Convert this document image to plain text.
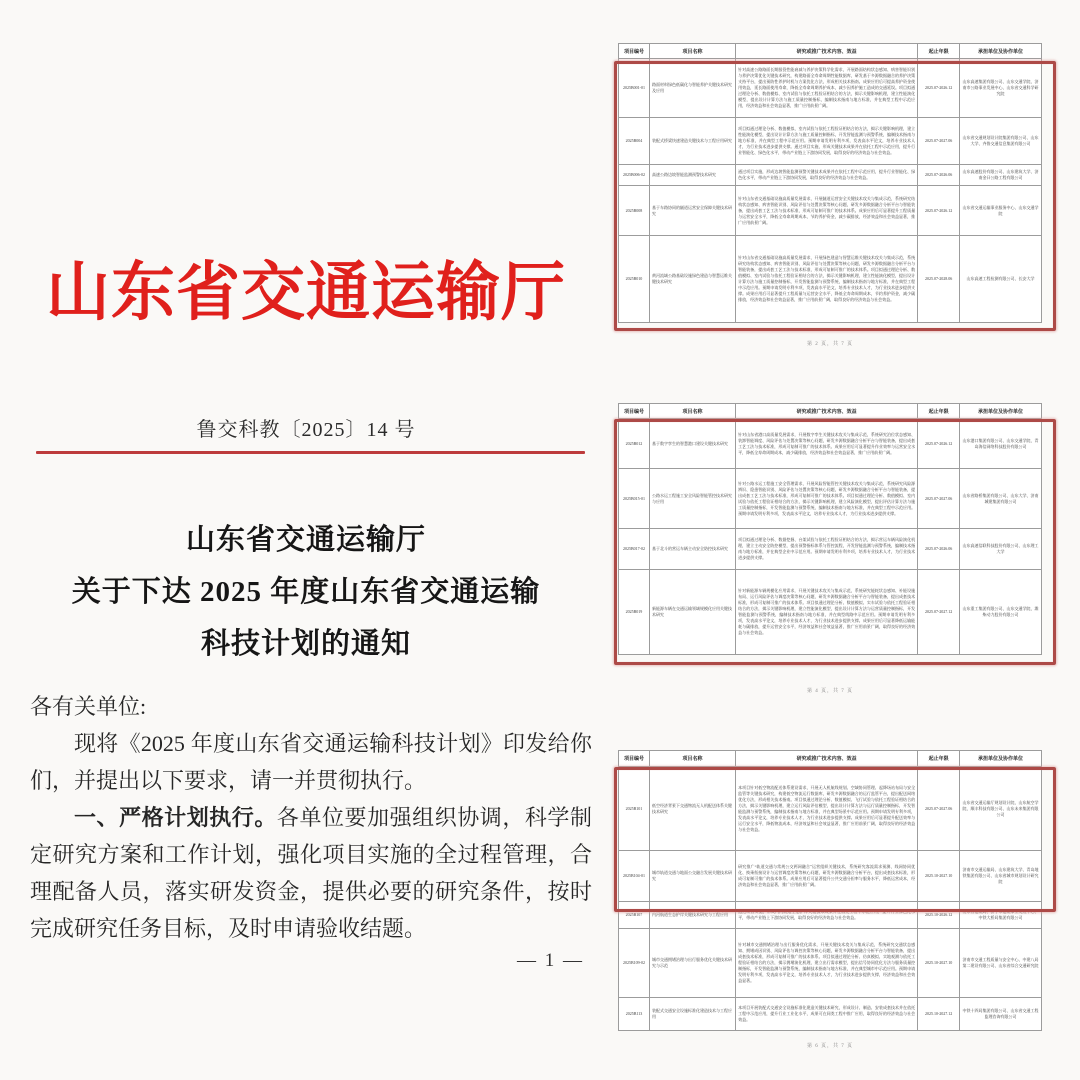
山东省交通运输厅
鲁交科教〔2025〕14 号
山东省交通运输厅
关于下达 2025 年度山东省交通运输
科技计划的通知

各有关单位:

现将《2025 年度山东省交通运输科技计划》印发给你们，并提出以下要求，请一并贯彻执行。

一、严格计划执行。各单位要加强组织协调，科学制定研究方案和工作计划，强化项目实施的全过程管理，合理配备人员，落实研发资金，提供必要的研究条件，按时完成研究任务目标，及时申请验收结题。

— 1 —
项目编号	项目名称	研究或推广技术内容、效益	起止年限	承担单位及协作单位

2025B001-01	路面材料绿色低碳化与智能养护关键技术研究及应用	针对高速公路路面长期服役性能衰减与养护决策科学化需求，开展路面结构状态感知、病害智能识别与养护决策优化关键技术研究，构建路面全寿命周期性能数据库，研发基于多源数据融合的养护决策支持平台，提出预防性养护时机与方案优化方法，形成相关技术指南。成果应用后可提高养护资金使用效益，延长路面使用寿命，降低全寿命周期养护成本，减少因养护施工造成的交通延误。项目拟通过理论分析、数值模拟、室内试验与依托工程验证相结合的方法，揭示关键影响机理，建立性能演化模型，提出设计计算方法与施工质量控制指标，编制技术指南与地方标准，并在典型工程中示范应用，经济效益和社会效益显著，推广应用前景广阔。	2025.07-2026.12	山东高速集团有限公司、山东交通学院、济南市公路事业发展中心、山东省交通科学研究院

2025B004	装配式桥梁快速建造关键技术与工程应用研究	项目拟通过理论分析、数值模拟、室内试验与依托工程验证相结合的方法，揭示关键影响机理，建立性能演化模型，提出设计计算方法与施工质量控制指标，开发智能监测与预警系统，编制技术指南与地方标准，并在典型工程中示范应用。预期申请发明专利多项，发表高水平论文，培养专业技术人才，为行业技术进步提供支撑。通过项目实施，形成关键技术成果并在依托工程中示范应用，提升行业智能化、绿色化水平，带动产业链上下游协同发展，取得良好的经济效益与社会效益。	2025.07-2027.06	山东省交通规划设计院集团有限公司、山东大学、齐鲁交通信息集团有限公司

2025B006-02	高速公路边坡智能监测预警技术研究	通过项目实施，形成边坡智能监测预警关键技术成果并在依托工程中示范应用，提升行业智能化、绿色化水平，带动产业链上下游协同发展，取得良好的经济效益与社会效益。	2025.07-2026.06	山东高速股份有限公司、山东建筑大学、济南金曰公路工程有限公司

2025B008	基于车路协同的隧道运营安全保障关键技术研究	针对山东省交通基础设施高质量发展需求，开展隧道运营安全关键技术攻关与集成示范，系统研究结构状态感知、病害智能识别、风险评估与处置决策等核心问题，研发多源数据融合分析平台与智能装备，提出成套工艺工法与技术标准，形成可复制可推广的技术体系。成果应用后可显著提升工程质量与运营安全水平，降低全寿命周期成本，节约养护资金，减少碳排放，经济效益和社会效益显著，推广应用前景广阔。	2025.07-2026.12	山东省交通运输事业服务中心、山东交通学院

2025B010	黄河流域公路基础设施绿色建造与智慧运维关键技术研究	针对山东省交通基础设施高质量发展需求，开展绿色建造与智慧运维关键技术攻关与集成示范，系统研究结构状态感知、病害智能识别、风险评估与处置决策等核心问题，研发多源数据融合分析平台与智能装备，提出成套工艺工法与技术标准，形成可复制可推广的技术体系。项目拟通过理论分析、数值模拟、室内试验与依托工程验证相结合的方法，揭示关键影响机理，建立性能演化模型，提出设计计算方法与施工质量控制指标，开发智能监测与预警系统，编制技术指南与地方标准，并在典型工程中示范应用。预期申请发明专利多项，发表高水平论文，培养专业技术人才，为行业技术进步提供支撑。成果应用后可显著提升工程质量与运营安全水平，降低全寿命周期成本，节约养护资金，减少碳排放，经济效益和社会效益显著，推广应用前景广阔，取得良好的经济效益与社会效益。	2025.07-2028.06	山东高速工程检测有限公司、长安大学
第 2 页，共 7 页
项目编号	项目名称	研究或推广技术内容、效益	起止年限	承担单位及协作单位

2025B012	基于数字孪生的智慧港口建设关键技术研究	针对山东省港口高质量发展需求，开展数字孪生关键技术攻关与集成示范，系统研究泊位状态感知、装卸智能调度、风险评估与处置决策等核心问题，研发多源数据融合分析平台与智能装备，提出成套工艺工法与技术标准，形成可复制可推广的技术体系。成果应用后可显著提升作业效率与运营安全水平，降低全寿命周期成本，减少碳排放，经济效益和社会效益显著，推广应用前景广阔。	2025.07-2026.12	山东港口集团有限公司、山东交通学院、青岛海信网络科技股份有限公司

2025B015-01	公路水运工程施工安全风险智能管控技术研究与应用	针对公路水运工程施工安全管理需求，开展风险智能管控关键技术攻关与集成示范，系统研究风险源辨识、隐患智能识别、风险评估与处置决策等核心问题，研发多源数据融合分析平台与智能装备，提出成套工艺工法与技术标准，形成可复制可推广的技术体系。项目拟通过理论分析、数值模拟、室内试验与依托工程验证相结合的方法，揭示关键影响机理，建立风险演化模型，提出评估计算方法与施工质量控制指标，开发智能监测与预警系统，编制技术指南与地方标准，并在典型工程中示范应用。预期申请发明专利多项，发表高水平论文，培养专业技术人才，为行业技术进步提供支撑。	2025.07-2027.06	山东省路桥集团有限公司、山东大学、济南城建集团有限公司

2025B017-02	基于北斗的营运车辆主动安全防控技术研究	项目拟通过理论分析、数据挖掘、台架试验与依托工程验证相结合的方法，揭示营运车辆风险演化机理，建立主动安全防控模型，提出预警指标体系与管控流程，开发智能监测与预警系统，编制技术指南与地方标准，并在典型企业中示范应用。预期申请发明专利多项，培养专业技术人才，为行业技术进步提供支撑。	2025.07-2026.06	山东高速信联科技股份有限公司、山东理工大学

2025B019	新能源车辆在交通运输领域规模化应用关键技术研究	针对新能源车辆规模化应用需求，开展关键技术攻关与集成示范，系统研究能耗状态感知、补能设施布局、运行风险评估与调度决策等核心问题，研发多源数据融合分析平台与智能装备，提出成套技术标准，形成可复制可推广的技术体系。项目拟通过理论分析、数值模拟、实车试验与依托工程验证相结合的方法，揭示关键影响机理，建立性能演化模型，提出设计计算方法与运营质量控制指标，开发智能监测与预警系统，编制技术指南与地方标准，并在典型线路中示范应用。预期申请发明专利多项，发表高水平论文，培养专业技术人才，为行业技术进步提供支撑。成果应用后可显著降低运输能耗与碳排放，提升运营安全水平，经济效益和社会效益显著，推广应用前景广阔，取得良好的经济效益与社会效益。	2025.07-2027.12	山东重工集团有限公司、山东交通学院、潍柴动力股份有限公司
第 4 页，共 7 页
项目编号	项目名称	研究或推广技术内容、效益	起止年限	承担单位及协作单位

2025B101	低空经济背景下交通物流无人机配送体系关键技术研究	本项目针对低空物流配送体系建设需求，开展无人机航线规划、空域协同管理、起降场站布局与安全监管等关键技术研究，构建低空物流运行数据库，研发多源数据融合的运行监管平台，提出配送网络优化方法，形成相关技术指南。项目拟通过理论分析、数值模拟、飞行试验与依托工程验证相结合的方法，揭示关键影响机理，建立运行风险评估模型，提出设计计算方法与运行质量控制指标，开发智能监测与预警系统，编制技术指南与地方标准，并在典型场景中示范应用。预期申请发明专利多项，发表高水平论文，培养专业技术人才，为行业技术进步提供支撑。成果应用后可显著提升配送效率与运行安全水平，降低物流成本，经济效益和社会效益显著，推广应用前景广阔，取得良好的经济效益与社会效益。	2025.07-2027.06	山东省交通运输厅规划设计院、山东航空学院、顺丰科技有限公司、山东未来集团有限公司

2025B104-01	城市轨道交通与地面公交融合发展关键技术研究	研究推广“轨道交通与常规公交两网融合”运营组织关键技术，系统研究客流需求预测、线网协同优化、换乘衔接设计与运营调度决策等核心问题，研发多源数据融合分析平台，提出成套技术标准，形成可复制可推广的技术体系。成果应用后可显著提升公共交通分担率与服务水平，降低运营成本，经济效益和社会效益显著，推广应用前景广阔。	2025.10-2027.10	济南市交通运输局、山东建筑大学、青岛地铁集团有限公司、山东省城市规划设计研究院

2025B107	内河航道生态护岸关键技术研究与工程应用	通过项目实施，形成内河航道生态护岸关键技术成果并在依托工程中示范应用，提升行业绿色化水平，带动产业链上下游协同发展，取得良好的经济效益与社会效益。	2025.10-2026.12	山东省港航局、济宁市港航事业发展中心、中铁大桥局集团有限公司

2025B109-02	城市交通拥堵治理与出行服务优化关键技术研究与示范	针对城市交通拥堵治理与出行服务优化需求，开展关键技术攻关与集成示范，系统研究交通状态感知、拥堵成因识别、风险评估与调控决策等核心问题，研发多源数据融合分析平台与智能装备，提出成套技术标准，形成可复制可推广的技术体系。项目拟通过理论分析、仿真模拟、实地观测与依托工程验证相结合的方法，揭示拥堵演化机理，建立出行需求模型，提出信号协同优化方法与服务质量控制指标，开发智能监测与预警系统，编制技术指南与地方标准，并在典型城市中示范应用。预期申请发明专利多项，发表高水平论文，培养专业技术人才，为行业技术进步提供支撑，经济效益和社会效益显著。	2025.10-2027.10	济南市交通工程质量与安全中心、中建八局第二建设有限公司、山东省综合交通研究院

2025B113	装配式交通安全设施标准化建造技术与工程应用	本项目开展装配式交通安全设施标准化建造关键技术研究，形成设计、制造、安装成套技术并在依托工程中示范应用，提升行业工业化水平，成果可在同类工程中推广应用，取得良好的经济效益与社会效益。	2025.10-2027.12	中铁十四局集团有限公司、山东省交通工程监理咨询有限公司
第 6 页，共 7 页
